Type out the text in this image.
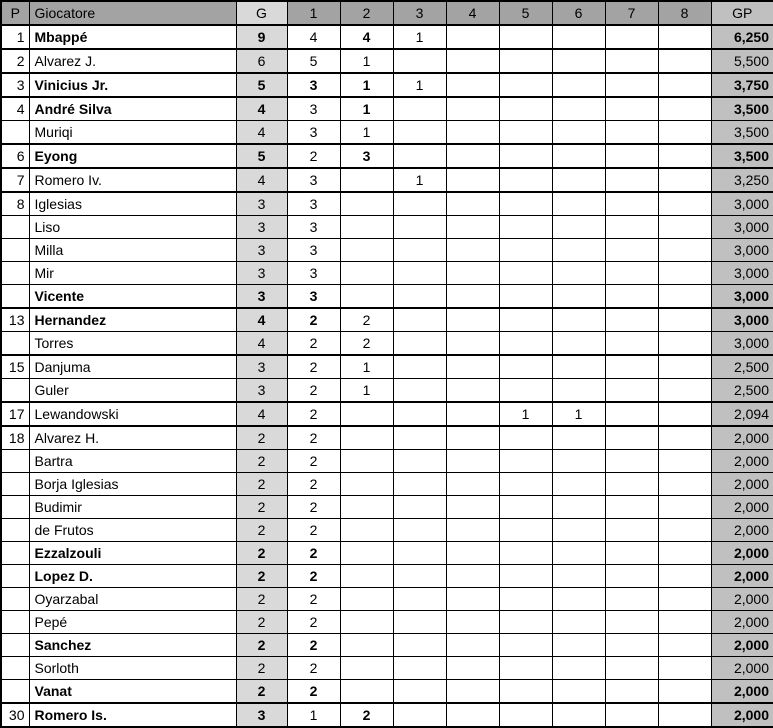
P	Giocatore	G	1	2	3	4	5	6	7	8	GP
1	Mbappé	9	4	4	1						6,250
2	Alvarez J.	6	5	1							5,500
3	Vinicius Jr.	5	3	1	1						3,750
4	André Silva	4	3	1							3,500
	Muriqi	4	3	1							3,500
6	Eyong	5	2	3							3,500
7	Romero Iv.	4	3		1						3,250
8	Iglesias	3	3								3,000
	Liso	3	3								3,000
	Milla	3	3								3,000
	Mir	3	3								3,000
	Vicente	3	3								3,000
13	Hernandez	4	2	2							3,000
	Torres	4	2	2							3,000
15	Danjuma	3	2	1							2,500
	Guler	3	2	1							2,500
17	Lewandowski	4	2				1	1			2,094
18	Alvarez H.	2	2								2,000
	Bartra	2	2								2,000
	Borja Iglesias	2	2								2,000
	Budimir	2	2								2,000
	de Frutos	2	2								2,000
	Ezzalzouli	2	2								2,000
	Lopez D.	2	2								2,000
	Oyarzabal	2	2								2,000
	Pepé	2	2								2,000
	Sanchez	2	2								2,000
	Sorloth	2	2								2,000
	Vanat	2	2								2,000
30	Romero Is.	3	1	2							2,000
